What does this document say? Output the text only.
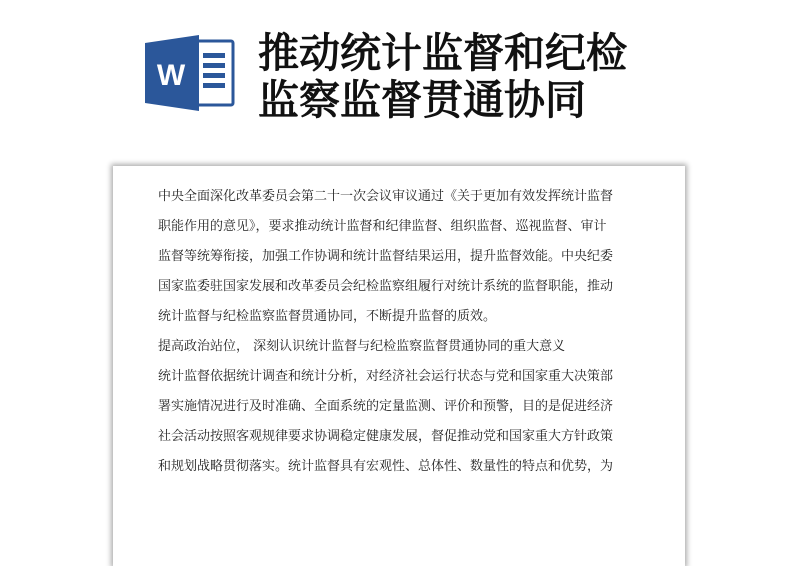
W 推动统计监督和纪检
监察监督贯通协同
中央全面深化改革委员会第二十一次会议审议通过《关于更加有效发挥统计监督
职能作用的意见》，要求推动统计监督和纪律监督、组织监督、巡视监督、审计
监督等统筹衔接，加强工作协调和统计监督结果运用，提升监督效能。中央纪委
国家监委驻国家发展和改革委员会纪检监察组履行对统计系统的监督职能，推动
统计监督与纪检监察监督贯通协同，不断提升监督的质效。
提高政治站位， 深刻认识统计监督与纪检监察监督贯通协同的重大意义
统计监督依据统计调查和统计分析，对经济社会运行状态与党和国家重大决策部
署实施情况进行及时准确、全面系统的定量监测、评价和预警，目的是促进经济
社会活动按照客观规律要求协调稳定健康发展，督促推动党和国家重大方针政策
和规划战略贯彻落实。统计监督具有宏观性、总体性、数量性的特点和优势，为
